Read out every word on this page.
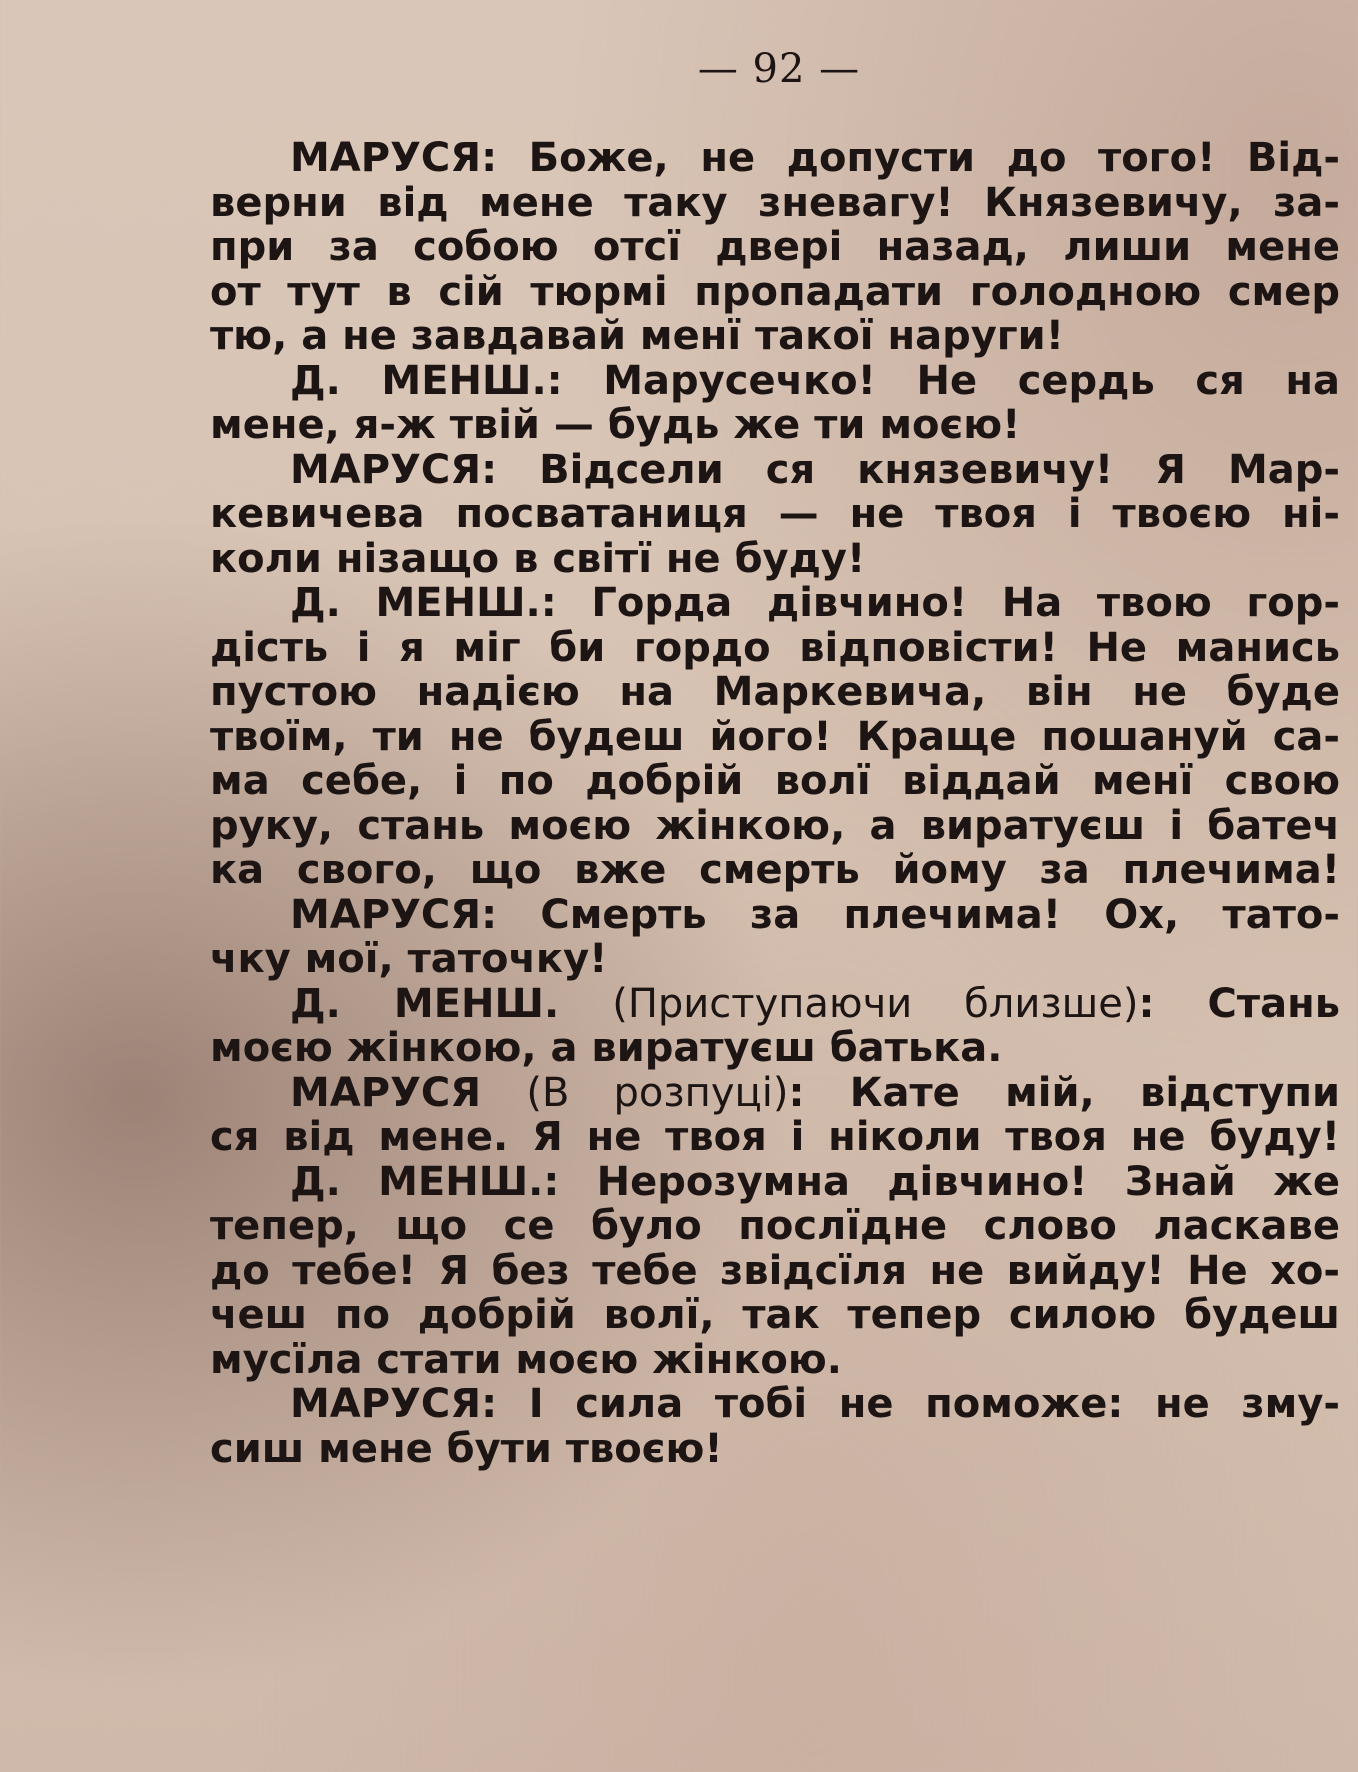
— 92 —
МАРУСЯ: Боже, не допусти до того! Від-
верни від мене таку зневагу! Князевичу, за-
при за собою отсї двері назад, лиши мене
от тут в сій тюрмі пропадати голодною смер
тю, а не завдавай менї такої наруги!
Д. МЕНШ.: Марусечко! Не сердь ся на
мене, я-ж твій — будь же ти моєю!
МАРУСЯ: Відсели ся князевичу! Я Мар-
кевичева посватаниця — не твоя і твоєю ні-
коли нізащо в світї не буду!
Д. МЕНШ.: Горда дівчино! На твою гор-
дість і я міг би гордо відповісти! Не манись
пустою надією на Маркевича, він не буде
твоїм, ти не будеш його! Краще пошануй са-
ма себе, і по добрій волї віддай менї свою
руку, стань моєю жінкою, а виратуєш і батеч
ка свого, що вже смерть йому за плечима!
МАРУСЯ: Смерть за плечима! Ох, тато-
чку мої, таточку!
Д. МЕНШ. (Приступаючи близше): Стань
моєю жінкою, а виратуєш батька.
МАРУСЯ (В розпуці): Кате мій, відступи
ся від мене. Я не твоя і ніколи твоя не буду!
Д. МЕНШ.: Нерозумна дівчино! Знай же
тепер, що се було послїдне слово ласкаве
до тебе! Я без тебе звідсїля не вийду! Не хо-
чеш по добрій волї, так тепер силою будеш
мусїла стати моєю жінкою.
МАРУСЯ: І сила тобі не поможе: не зму-
сиш мене бути твоєю!
